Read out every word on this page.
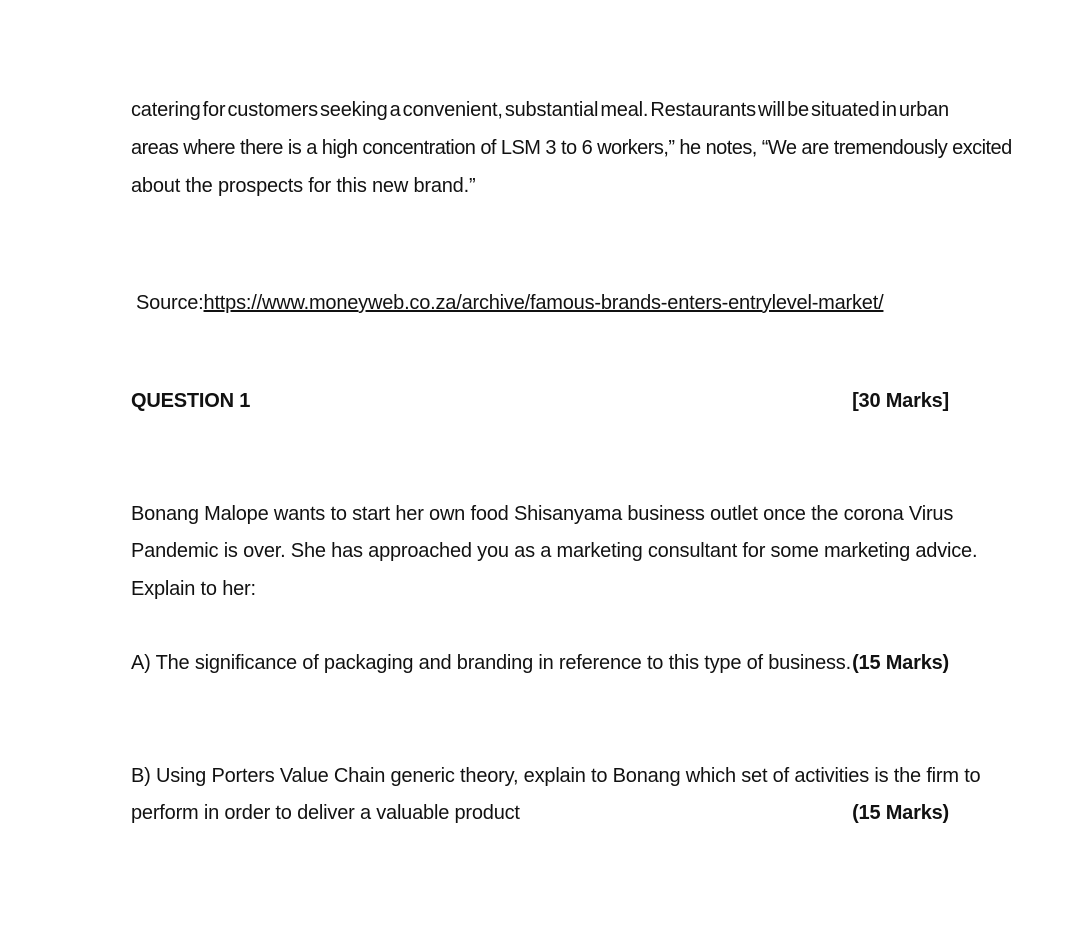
catering for customers seeking a convenient, substantial meal. Restaurants will be situated in urban
areas where there is a high concentration of LSM 3 to 6 workers,” he notes, “We are tremendously excited
about the prospects for this new brand.”
Source:https://www.moneyweb.co.za/archive/famous-brands-enters-entrylevel-market/
QUESTION 1	[30 Marks]
Bonang Malope wants to start her own food Shisanyama business outlet once the corona Virus
Pandemic is over. She has approached you as a marketing consultant for some marketing advice.
Explain to her:
A) The significance of packaging and branding in reference to this type of business. (15 Marks)
B) Using Porters Value Chain generic theory, explain to Bonang which set of activities is the firm to
perform in order to deliver a valuable product	(15 Marks)
